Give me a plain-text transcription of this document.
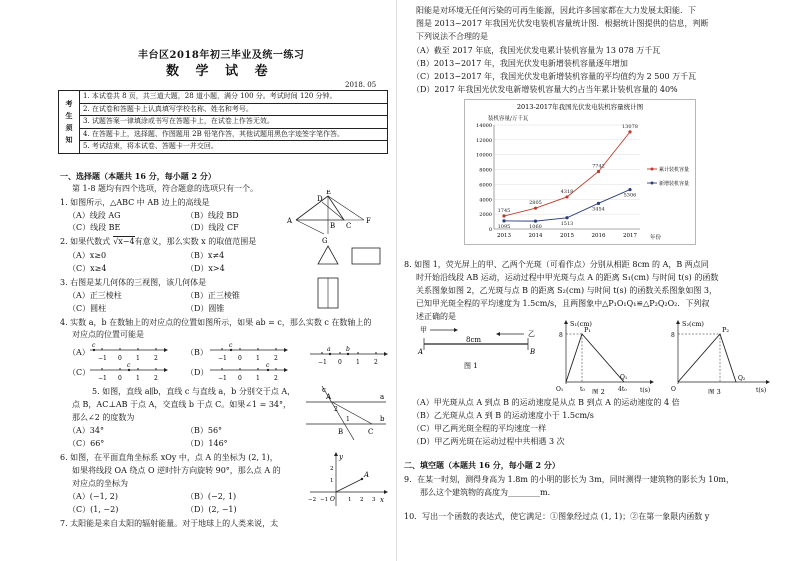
丰台区2018年初三毕业及统一练习
数 学 试 卷
2018. 05
考
生
须
知
	1. 本试卷共 8 页，共三道大题，28 道小题，满分 100 分。考试时间 120 分钟。
2. 在试卷和答题卡上认真填写学校名称、姓名和考号。
3. 试题答案一律填涂或书写在答题卡上，在试卷上作答无效。
4. 在答题卡上，选择题、作图题用 2B 铅笔作答，其他试题用黑色字迹签字笔作答。
5. 考试结束，将本试卷、答题卡一并交回。
一、选择题（本题共 16 分，每小题 2 分）
第 1-8 题均有四个选项，符合题意的选项只有一个。
1. 如图所示，△ABC 中 AB 边上的高线是
（A）线段 AG	（B）线段 BD
（C）线段 BE	（D）线段 CF
D
E
A
B C
F
G
2. 如果代数式 √x−4有意义，那么实数 x 的取值范围是
（A）x≥0	（B）x≠4
（C）x≥4	（D）x>4
3. 右图是某几何体的三视图，该几何体是
（A）正三棱柱	（B）正三棱锥
（C）圆柱	（D）圆锥
4. 实数 a，b 在数轴上的对应点的位置如图所示，如果 ab = c，那么实数 c 在数轴上的
对应点的位置可能是
−1 0 1 2
a	b
（A）
−1 0 1 2
c
（B）
−1 0 1 2
c
（C）
−1 0 1 2
c
（D）
−1 0 1 2
c
5. 如图，直线 a∥b，直线 c 与直线 a，b 分别交于点 A，
点 B，AC⊥AB 于点 A，交直线 b 于点 C。如果∠1 = 34°，
那么∠2 的度数为
（A）34°	（B）56°
（C）66°	（D）146°
c
a
b
A
B	C
1
2
6. 如图，在平面直角坐标系 xOy 中，点 A 的坐标为 (2, 1)，
如果将线段 OA 绕点 O 逆时针方向旋转 90°，那么点 A 的
对应点的坐标为
（A）(−1, 2)	（B）(−2, 1)
（C）(1, −2)	（D）(2, −1)
y
x
O
A
−2 −1	1 2 3
1
2
7. 太阳能是来自太阳的辐射能量。对于地球上的人类来说，太
阳能是对环境无任何污染的可再生能源，因此许多国家都在大力发展太阳能．下
图是 2013~2017 年我国光伏发电装机容量统计图．根据统计图提供的信息，判断
下列说法不合理的是
（A）截至 2017 年底，我国光伏发电累计装机容量为 13 078 万千瓦
（B）2013~2017 年，我国光伏发电新增装机容量逐年增加
（C）2013~2017 年，我国光伏发电新增装机容量的平均值约为 2 500 万千瓦
（D）2017 年我国光伏发电新增装机容量大约占当年累计装机容量的 40%
2013-2017年我国光伏发电装机容量统计图
装机容量/万千瓦
年份
0
2000
4000
6000
8000
10000
12000
14000
2013	2014	2015	2016	2017
1745
2805
4318
7742
13078
1095	1060
1513
3454
5306
累计装机容量
新增装机容量
8. 如图 1，荧光屏上的甲、乙两个光斑（可看作点）分别从相距 8cm 的 A，B 两点同
时开始沿线段 AB 运动，运动过程中甲光斑与点 A 的距离 S₁(cm) 与时间 t(s) 的函数
关系图象如图 2，乙光斑与点 B 的距离 S₂(cm) 与时间 t(s) 的函数关系图象如图 3，
已知甲光斑全程的平均速度为 1.5cm/s，且两图象中△P₁O₁Q₁≌△P₂Q₂O₂．下列叙
述正确的是
甲	乙
A	B
8cm
图 1
S₁(cm)
t(s)
P₁
O₁
Q₁
8
t₀	4t₀
图 2
S₂(cm)
t(s)
P₂
O
Q₂
8
图 3
（A）甲光斑从点 A 到点 B 的运动速度是从点 B 到点 A 的运动速度的 4 倍
（B）乙光斑从点 A 到 B 的运动速度小于 1.5cm/s
（C）甲乙两光斑全程的平均速度一样
（D）甲乙两光斑在运动过程中共相遇 3 次
二、填空题（本题共 16 分，每小题 2 分）
9．在某一时刻，测得身高为 1.8m 的小明的影长为 3m，同时测得一建筑物的影长为 10m，
那么这个建筑物的高度为________m．
10．写出一个函数的表达式，使它满足：①图象经过点 (1, 1)；②在第一象限内函数 y
